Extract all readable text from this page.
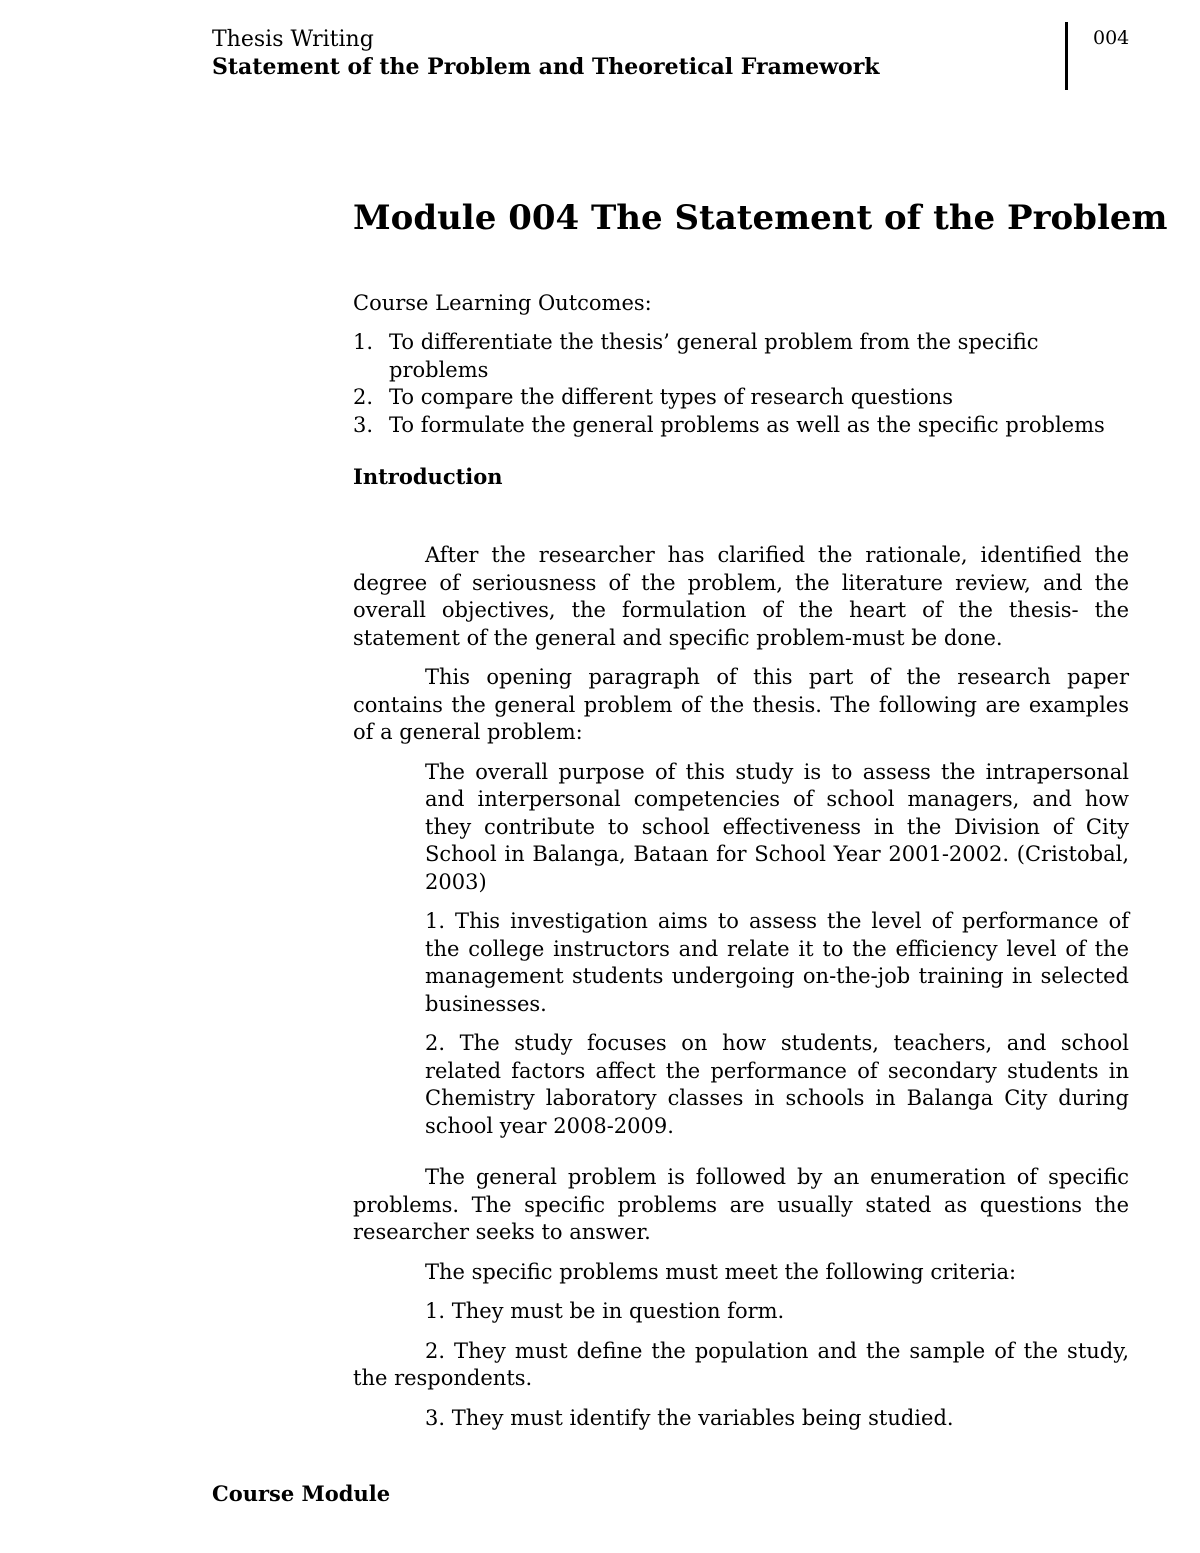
Thesis Writing
Statement of the Problem and Theoretical Framework
004
Module 004 The Statement of the Problem
Course Learning Outcomes:
1. To differentiate the thesis’ general problem from the specific problems
2. To compare the different types of research questions
3. To formulate the general problems as well as the specific problems
Introduction

After the researcher has clarified the rationale, identified the degree of seriousness of the problem, the literature review, and the overall objectives, the formulation of the heart of the thesis- the statement of the general and specific problem-must be done.

This opening paragraph of this part of the research paper contains the general problem of the thesis. The following are examples of a general problem:

The overall purpose of this study is to assess the intrapersonal and interpersonal competencies of school managers, and how they contribute to school effectiveness in the Division of City School in Balanga, Bataan for School Year 2001-2002. (Cristobal, 2003)

1. This investigation aims to assess the level of performance of the college instructors and relate it to the efficiency level of the management students undergoing on-the-job training in selected businesses.

2. The study focuses on how students, teachers, and school related factors affect the performance of secondary students in Chemistry laboratory classes in schools in Balanga City during school year 2008-2009.

The general problem is followed by an enumeration of specific problems. The specific problems are usually stated as questions the researcher seeks to answer.

The specific problems must meet the following criteria:

1. They must be in question form.

2. They must define the population and the sample of the study, the respondents.

3. They must identify the variables being studied.

Course Module
